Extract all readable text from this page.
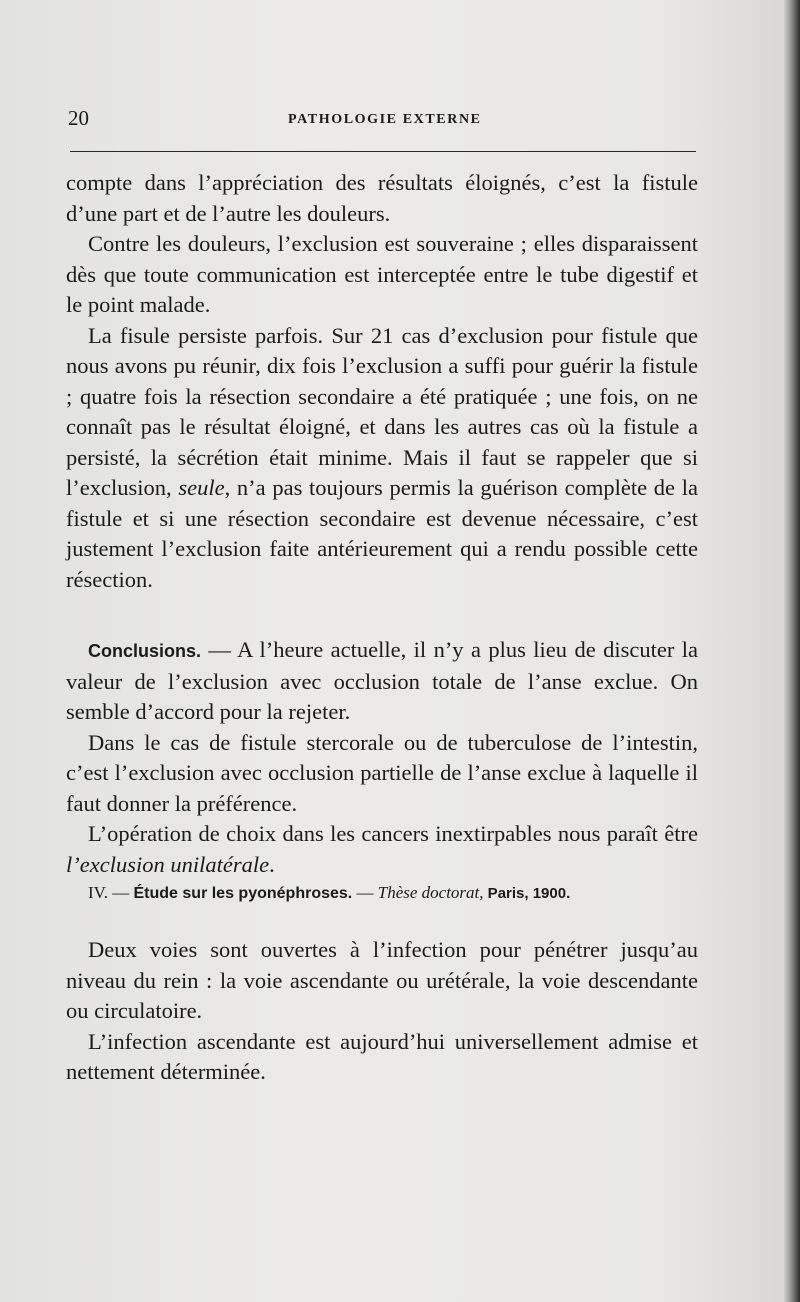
20	PATHOLOGIE EXTERNE

compte dans l’appréciation des résultats éloignés, c’est la fistule d’une part et de l’autre les douleurs.

Contre les douleurs, l’exclusion est souveraine ; elles disparaissent dès que toute communication est interceptée entre le tube digestif et le point malade.

La fisule persiste parfois. Sur 21 cas d’exclusion pour fistule que nous avons pu réunir, dix fois l’exclusion a suffi pour guérir la fistule ; quatre fois la résection secondaire a été pratiquée ; une fois, on ne connaît pas le résultat éloigné, et dans les autres cas où la fistule a persisté, la sécrétion était minime. Mais il faut se rappeler que si l’exclusion, seule, n’a pas toujours permis la guérison complète de la fistule et si une résection secondaire est devenue nécessaire, c’est justement l’exclusion faite antérieurement qui a rendu possible cette résection.

Conclusions. — A l’heure actuelle, il n’y a plus lieu de discuter la valeur de l’exclusion avec occlusion totale de l’anse exclue. On semble d’accord pour la rejeter.

Dans le cas de fistule stercorale ou de tuberculose de l’intestin, c’est l’exclusion avec occlusion partielle de l’anse exclue à laquelle il faut donner la préférence.

L’opération de choix dans les cancers inextirpables nous paraît être l’exclusion unilatérale.

IV. — Étude sur les pyonéphroses. — Thèse doctorat, Paris, 1900.

Deux voies sont ouvertes à l’infection pour pénétrer jusqu’au niveau du rein : la voie ascendante ou urétérale, la voie descendante ou circulatoire.

L’infection ascendante est aujourd’hui universellement admise et nettement déterminée.
